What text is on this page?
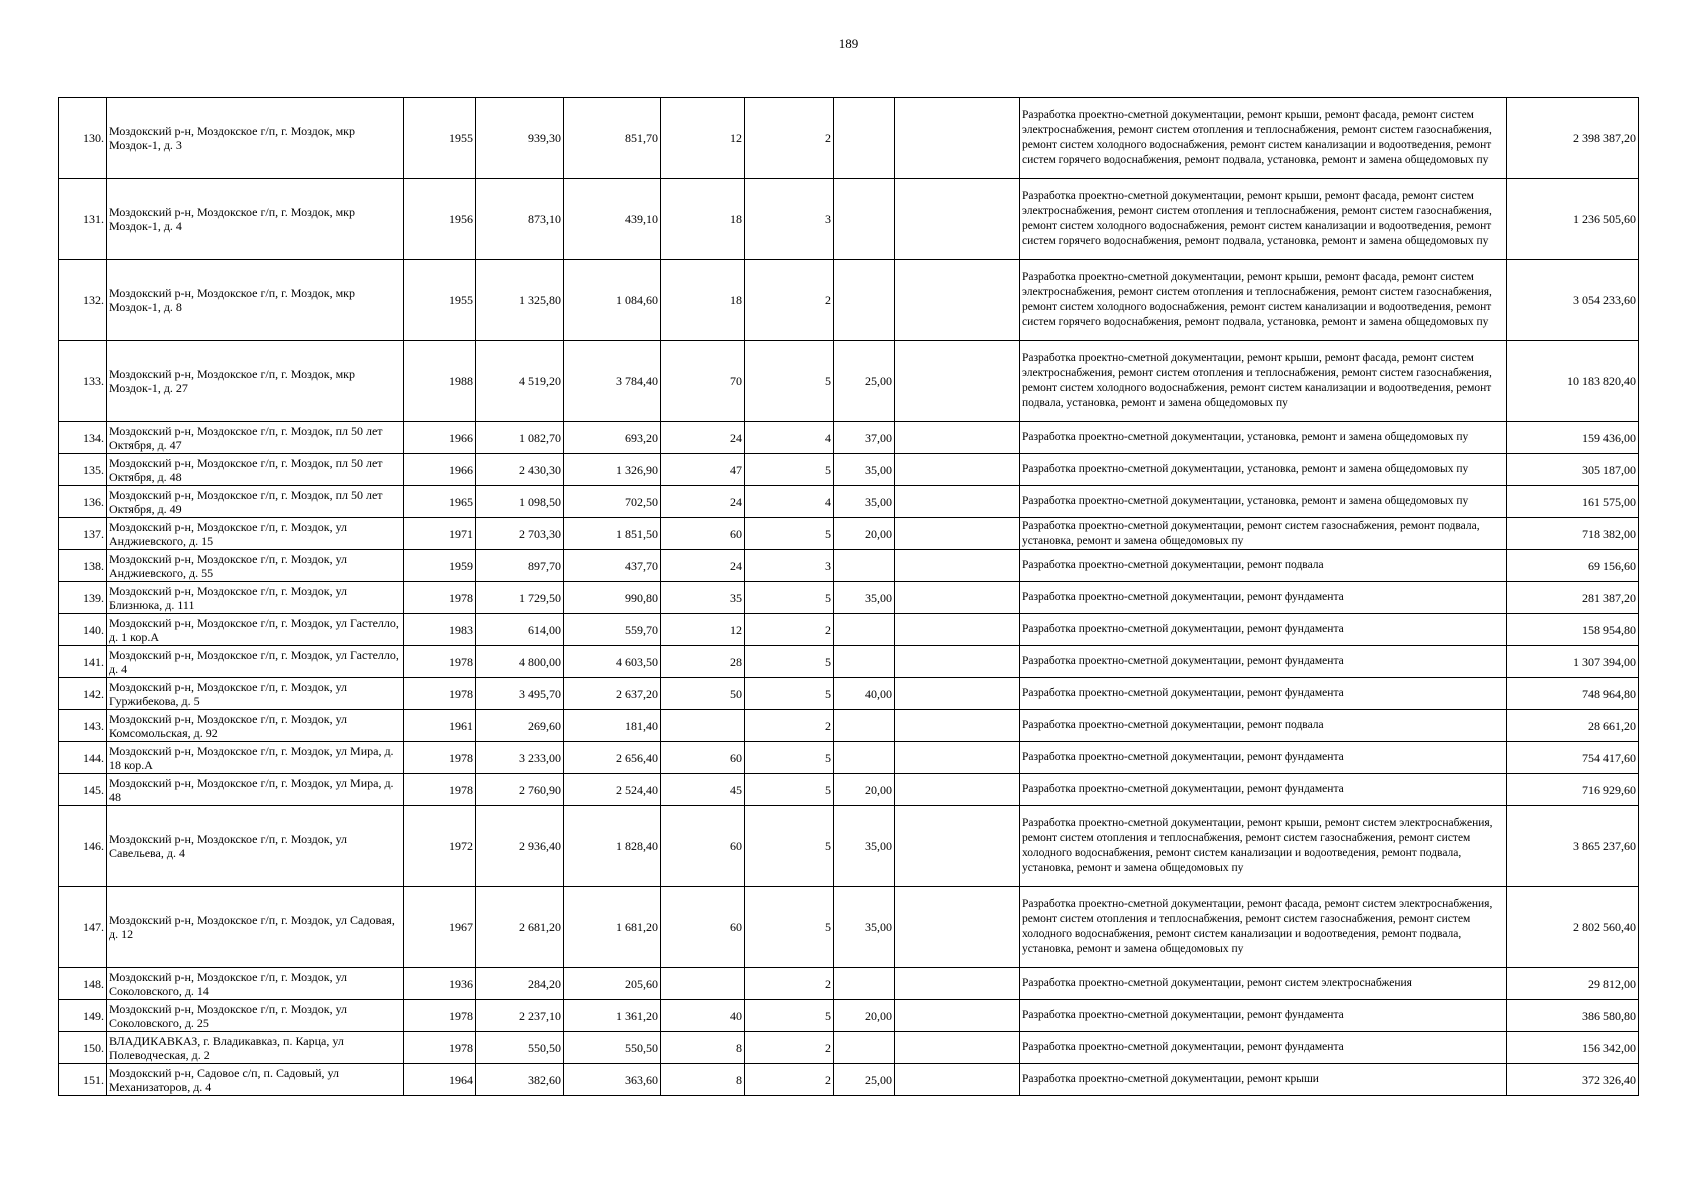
189
130.	Моздокский р-н, Моздокское г/п, г. Моздок, мкр Моздок-1, д. 3	1955	939,30	851,70	12	2			Разработка проектно-сметной документации, ремонт крыши, ремонт фасада, ремонт систем электроснабжения, ремонт систем отопления и теплоснабжения, ремонт систем газоснабжения, ремонт систем холодного водоснабжения, ремонт систем канализации и водоотведения, ремонт систем горячего водоснабжения, ремонт подвала, установка, ремонт и замена общедомовых пу	2 398 387,20
131.	Моздокский р-н, Моздокское г/п, г. Моздок, мкр Моздок-1, д. 4	1956	873,10	439,10	18	3			Разработка проектно-сметной документации, ремонт крыши, ремонт фасада, ремонт систем электроснабжения, ремонт систем отопления и теплоснабжения, ремонт систем газоснабжения, ремонт систем холодного водоснабжения, ремонт систем канализации и водоотведения, ремонт систем горячего водоснабжения, ремонт подвала, установка, ремонт и замена общедомовых пу	1 236 505,60
132.	Моздокский р-н, Моздокское г/п, г. Моздок, мкр Моздок-1, д. 8	1955	1 325,80	1 084,60	18	2			Разработка проектно-сметной документации, ремонт крыши, ремонт фасада, ремонт систем электроснабжения, ремонт систем отопления и теплоснабжения, ремонт систем газоснабжения, ремонт систем холодного водоснабжения, ремонт систем канализации и водоотведения, ремонт систем горячего водоснабжения, ремонт подвала, установка, ремонт и замена общедомовых пу	3 054 233,60
133.	Моздокский р-н, Моздокское г/п, г. Моздок, мкр Моздок-1, д. 27	1988	4 519,20	3 784,40	70	5	25,00		Разработка проектно-сметной документации, ремонт крыши, ремонт фасада, ремонт систем электроснабжения, ремонт систем отопления и теплоснабжения, ремонт систем газоснабжения, ремонт систем холодного водоснабжения, ремонт систем канализации и водоотведения, ремонт подвала, установка, ремонт и замена общедомовых пу	10 183 820,40
134.	Моздокский р-н, Моздокское г/п, г. Моздок, пл 50 лет Октября, д. 47	1966	1 082,70	693,20	24	4	37,00		Разработка проектно-сметной документации, установка, ремонт и замена общедомовых пу	159 436,00
135.	Моздокский р-н, Моздокское г/п, г. Моздок, пл 50 лет Октября, д. 48	1966	2 430,30	1 326,90	47	5	35,00		Разработка проектно-сметной документации, установка, ремонт и замена общедомовых пу	305 187,00
136.	Моздокский р-н, Моздокское г/п, г. Моздок, пл 50 лет Октября, д. 49	1965	1 098,50	702,50	24	4	35,00		Разработка проектно-сметной документации, установка, ремонт и замена общедомовых пу	161 575,00
137.	Моздокский р-н, Моздокское г/п, г. Моздок, ул Анджиевского, д. 15	1971	2 703,30	1 851,50	60	5	20,00		Разработка проектно-сметной документации, ремонт систем газоснабжения, ремонт подвала, установка, ремонт и замена общедомовых пу	718 382,00
138.	Моздокский р-н, Моздокское г/п, г. Моздок, ул Анджиевского, д. 55	1959	897,70	437,70	24	3			Разработка проектно-сметной документации, ремонт подвала	69 156,60
139.	Моздокский р-н, Моздокское г/п, г. Моздок, ул Близнюка, д. 111	1978	1 729,50	990,80	35	5	35,00		Разработка проектно-сметной документации, ремонт фундамента	281 387,20
140.	Моздокский р-н, Моздокское г/п, г. Моздок, ул Гастелло, д. 1 кор.А	1983	614,00	559,70	12	2			Разработка проектно-сметной документации, ремонт фундамента	158 954,80
141.	Моздокский р-н, Моздокское г/п, г. Моздок, ул Гастелло, д. 4	1978	4 800,00	4 603,50	28	5			Разработка проектно-сметной документации, ремонт фундамента	1 307 394,00
142.	Моздокский р-н, Моздокское г/п, г. Моздок, ул Гуржибекова, д. 5	1978	3 495,70	2 637,20	50	5	40,00		Разработка проектно-сметной документации, ремонт фундамента	748 964,80
143.	Моздокский р-н, Моздокское г/п, г. Моздок, ул Комсомольская, д. 92	1961	269,60	181,40		2			Разработка проектно-сметной документации, ремонт подвала	28 661,20
144.	Моздокский р-н, Моздокское г/п, г. Моздок, ул Мира, д. 18 кор.А	1978	3 233,00	2 656,40	60	5			Разработка проектно-сметной документации, ремонт фундамента	754 417,60
145.	Моздокский р-н, Моздокское г/п, г. Моздок, ул Мира, д. 48	1978	2 760,90	2 524,40	45	5	20,00		Разработка проектно-сметной документации, ремонт фундамента	716 929,60
146.	Моздокский р-н, Моздокское г/п, г. Моздок, ул Савельева, д. 4	1972	2 936,40	1 828,40	60	5	35,00		Разработка проектно-сметной документации, ремонт крыши, ремонт систем электроснабжения, ремонт систем отопления и теплоснабжения, ремонт систем газоснабжения, ремонт систем холодного водоснабжения, ремонт систем канализации и водоотведения, ремонт подвала, установка, ремонт и замена общедомовых пу	3 865 237,60
147.	Моздокский р-н, Моздокское г/п, г. Моздок, ул Садовая, д. 12	1967	2 681,20	1 681,20	60	5	35,00		Разработка проектно-сметной документации, ремонт фасада, ремонт систем электроснабжения, ремонт систем отопления и теплоснабжения, ремонт систем газоснабжения, ремонт систем холодного водоснабжения, ремонт систем канализации и водоотведения, ремонт подвала, установка, ремонт и замена общедомовых пу	2 802 560,40
148.	Моздокский р-н, Моздокское г/п, г. Моздок, ул Соколовского, д. 14	1936	284,20	205,60		2			Разработка проектно-сметной документации, ремонт систем электроснабжения	29 812,00
149.	Моздокский р-н, Моздокское г/п, г. Моздок, ул Соколовского, д. 25	1978	2 237,10	1 361,20	40	5	20,00		Разработка проектно-сметной документации, ремонт фундамента	386 580,80
150.	ВЛАДИКАВКАЗ, г. Владикавказ, п. Карца, ул Полеводческая, д. 2	1978	550,50	550,50	8	2			Разработка проектно-сметной документации, ремонт фундамента	156 342,00
151.	Моздокский р-н, Садовое с/п, п. Садовый, ул Механизаторов, д. 4	1964	382,60	363,60	8	2	25,00		Разработка проектно-сметной документации, ремонт крыши	372 326,40
